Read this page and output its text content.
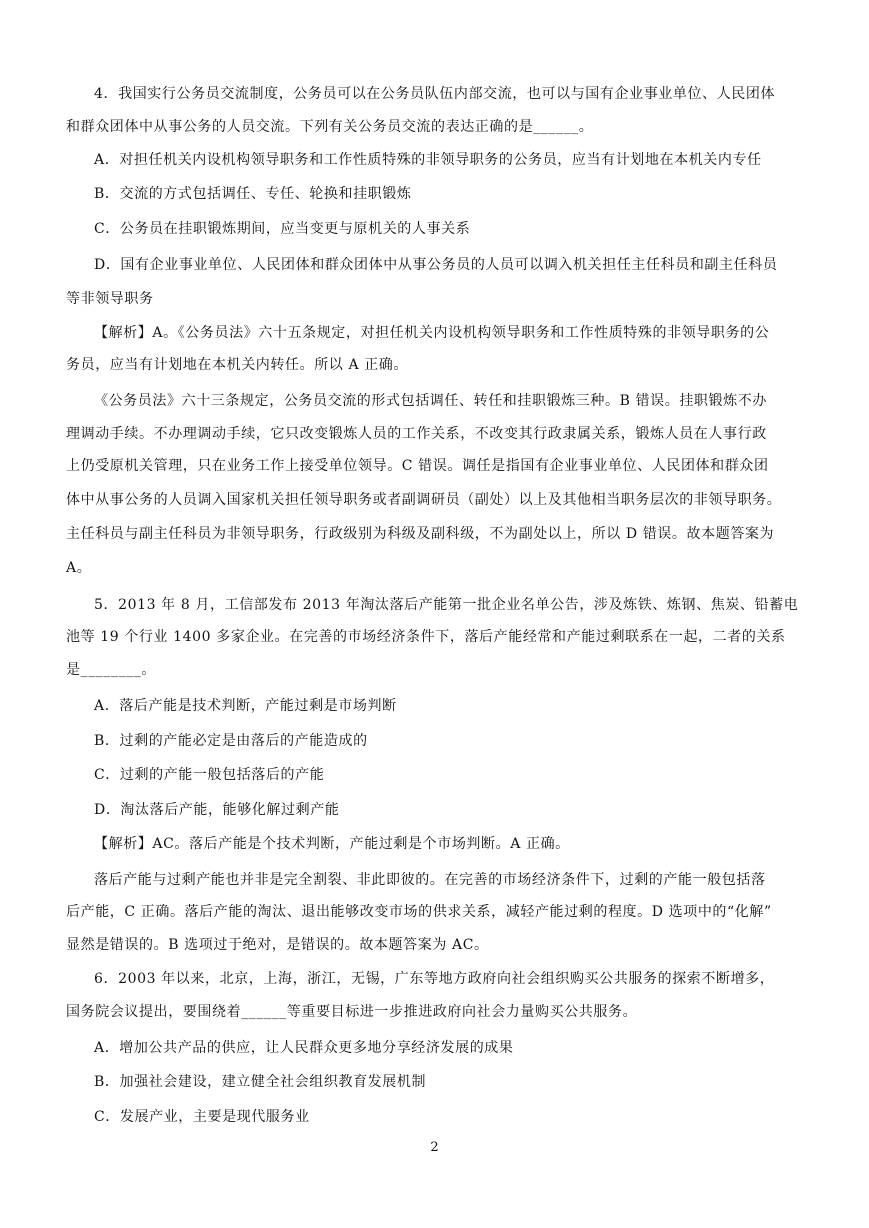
4．我国实行公务员交流制度，公务员可以在公务员队伍内部交流，也可以与国有企业事业单位、人民团体
和群众团体中从事公务的人员交流。下列有关公务员交流的表达正确的是______。
A．对担任机关内设机构领导职务和工作性质特殊的非领导职务的公务员，应当有计划地在本机关内专任
B．交流的方式包括调任、专任、轮换和挂职锻炼
C．公务员在挂职锻炼期间，应当变更与原机关的人事关系
D．国有企业事业单位、人民团体和群众团体中从事公务员的人员可以调入机关担任主任科员和副主任科员
等非领导职务
【解析】A。《公务员法》六十五条规定，对担任机关内设机构领导职务和工作性质特殊的非领导职务的公
务员，应当有计划地在本机关内转任。所以 A 正确。
《公务员法》六十三条规定，公务员交流的形式包括调任、转任和挂职锻炼三种。B 错误。挂职锻炼不办
理调动手续。不办理调动手续，它只改变锻炼人员的工作关系，不改变其行政隶属关系，锻炼人员在人事行政
上仍受原机关管理，只在业务工作上接受单位领导。C 错误。调任是指国有企业事业单位、人民团体和群众团
体中从事公务的人员调入国家机关担任领导职务或者副调研员（副处）以上及其他相当职务层次的非领导职务。
主任科员与副主任科员为非领导职务，行政级别为科级及副科级，不为副处以上，所以 D 错误。故本题答案为
A。
5．2013 年 8 月，工信部发布 2013 年淘汰落后产能第一批企业名单公告，涉及炼铁、炼钢、焦炭、铅蓄电
池等 19 个行业 1400 多家企业。在完善的市场经济条件下，落后产能经常和产能过剩联系在一起，二者的关系
是________。
A．落后产能是技术判断，产能过剩是市场判断
B．过剩的产能必定是由落后的产能造成的
C．过剩的产能一般包括落后的产能
D．淘汰落后产能，能够化解过剩产能
【解析】AC。落后产能是个技术判断，产能过剩是个市场判断。A 正确。
落后产能与过剩产能也并非是完全割裂、非此即彼的。在完善的市场经济条件下，过剩的产能一般包括落
后产能，C 正确。落后产能的淘汰、退出能够改变市场的供求关系，减轻产能过剩的程度。D 选项中的“化解”
显然是错误的。B 选项过于绝对，是错误的。故本题答案为 AC。
6．2003 年以来，北京，上海，浙江，无锡，广东等地方政府向社会组织购买公共服务的探索不断增多，
国务院会议提出，要围绕着______等重要目标进一步推进政府向社会力量购买公共服务。
A．增加公共产品的供应，让人民群众更多地分享经济发展的成果
B．加强社会建设，建立健全社会组织教育发展机制
C．发展产业，主要是现代服务业
2
